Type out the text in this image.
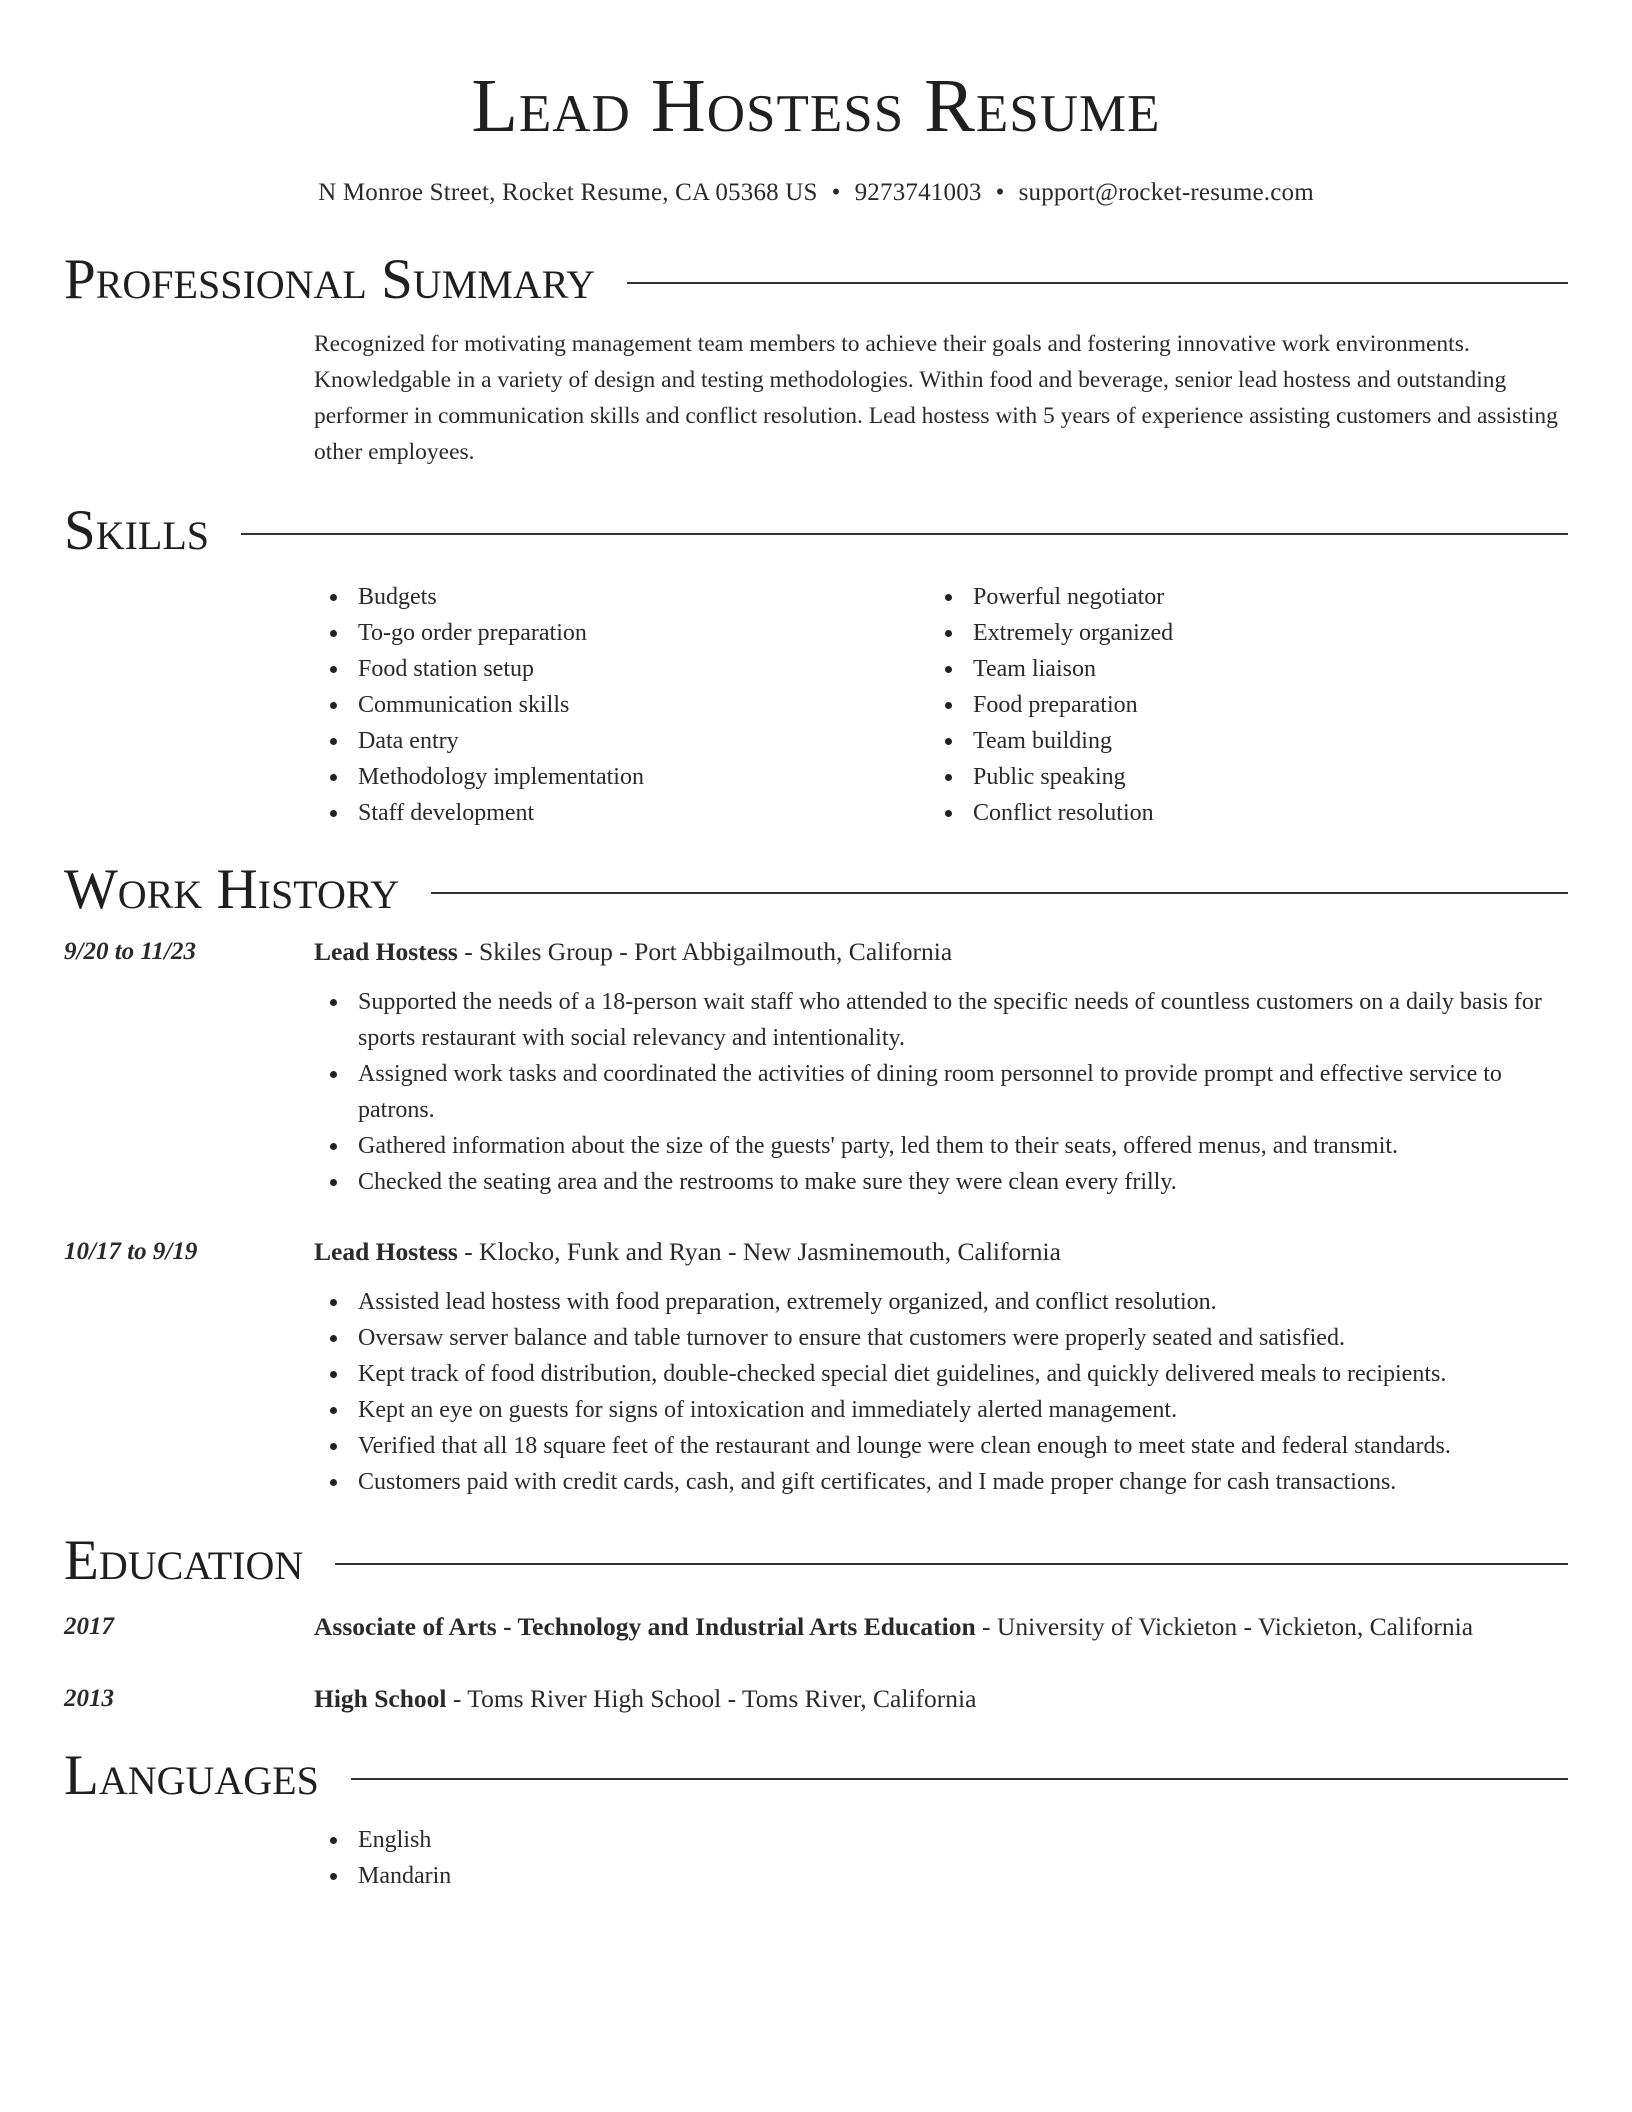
Lead Hostess Resume
N Monroe Street, Rocket Resume, CA 05368 US • 9273741003 • support@rocket-resume.com
Professional Summary

Recognized for motivating management team members to achieve their goals and fostering innovative work environments. Knowledgable in a variety of design and testing methodologies. Within food and beverage, senior lead hostess and outstanding performer in communication skills and conflict resolution. Lead hostess with 5 years of experience assisting customers and assisting other employees.

Skills
Budgets
To-go order preparation
Food station setup
Communication skills
Data entry
Methodology implementation
Staff development
Powerful negotiator
Extremely organized
Team liaison
Food preparation
Team building
Public speaking
Conflict resolution
Work History
9/20 to 11/23	Lead Hostess - Skiles Group - Port Abbigailmouth, California
Supported the needs of a 18-person wait staff who attended to the specific needs of countless customers on a daily basis for sports restaurant with social relevancy and intentionality.
Assigned work tasks and coordinated the activities of dining room personnel to provide prompt and effective service to patrons.
Gathered information about the size of the guests' party, led them to their seats, offered menus, and transmit.
Checked the seating area and the restrooms to make sure they were clean every frilly.
10/17 to 9/19	Lead Hostess - Klocko, Funk and Ryan - New Jasminemouth, California
Assisted lead hostess with food preparation, extremely organized, and conflict resolution.
Oversaw server balance and table turnover to ensure that customers were properly seated and satisfied.
Kept track of food distribution, double-checked special diet guidelines, and quickly delivered meals to recipients.
Kept an eye on guests for signs of intoxication and immediately alerted management.
Verified that all 18 square feet of the restaurant and lounge were clean enough to meet state and federal standards.
Customers paid with credit cards, cash, and gift certificates, and I made proper change for cash transactions.
Education
2017	Associate of Arts - Technology and Industrial Arts Education - University of Vickieton - Vickieton, California
2013	High School - Toms River High School - Toms River, California
Languages
English
Mandarin
